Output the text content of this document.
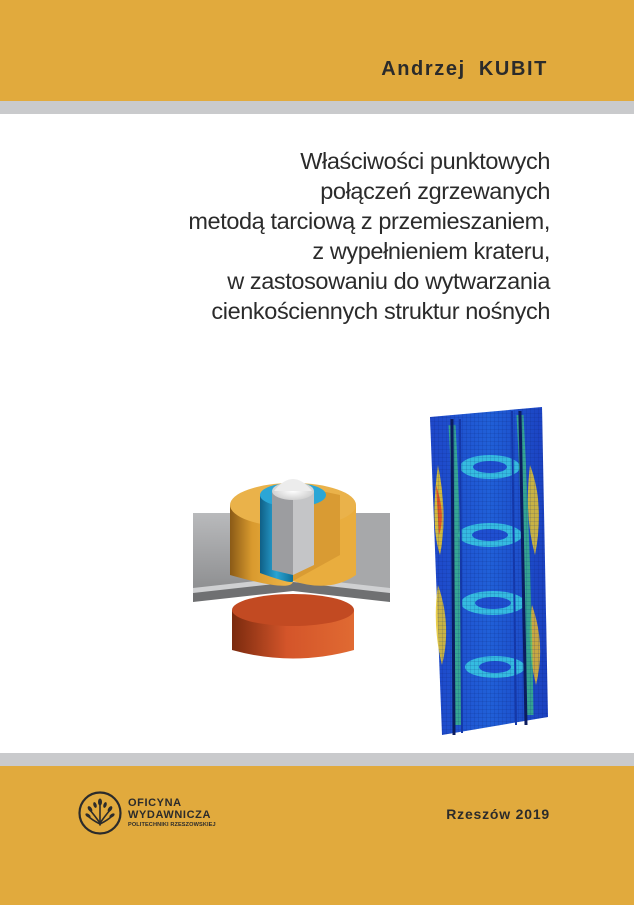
Andrzej KUBIT
Właściwości punktowych
połączeń zgrzewanych
metodą tarciową z przemieszaniem,
z wypełnieniem krateru,
w zastosowaniu do wytwarzania
cienkościennych struktur nośnych
OFICYNA
WYDAWNICZA
POLITECHNIKI RZESZOWSKIEJ
Rzeszów 2019
